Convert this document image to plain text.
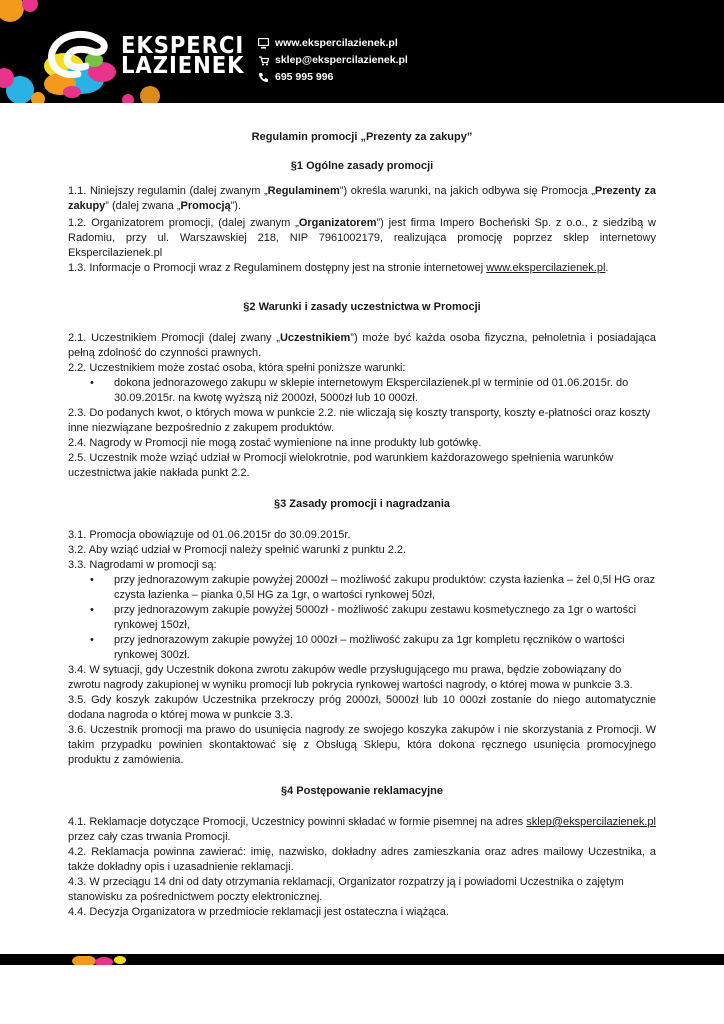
EKSPERCI
LAZIENEK
www.ekspercilazienek.pl
sklep@ekspercilazienek.pl
695 995 996
Regulamin promocji „Prezenty za zakupy”
§1 Ogólne zasady promocji

1.1. Niniejszy regulamin (dalej zwanym „Regulaminem”) określa warunki, na jakich odbywa się Promocja „Prezenty za zakupy” (dalej zwana „Promocją”).

1.2. Organizatorem promocji, (dalej zwanym „Organizatorem”) jest firma Impero Bocheński Sp. z o.o., z siedzibą w Radomiu, przy ul. Warszawskiej 218, NIP 7961002179, realizująca promocję poprzez sklep internetowy Ekspercilazienek.pl

1.3. Informacje o Promocji wraz z Regulaminem dostępny jest na stronie internetowej www.ekspercilazienek.pl.

§2 Warunki i zasady uczestnictwa w Promocji

2.1. Uczestnikiem Promocji (dalej zwany „Uczestnikiem”) może być każda osoba fizyczna, pełnoletnia i posiadająca pełną zdolność do czynności prawnych.

2.2. Uczestnikiem może zostać osoba, która spełni poniższe warunki:

• dokona jednorazowego zakupu w sklepie internetowym Ekspercilazienek.pl w terminie od 01.06.2015r. do 30.09.2015r. na kwotę wyższą niż 2000zł, 5000zł lub 10 000zł.

2.3. Do podanych kwot, o których mowa w punkcie 2.2. nie wliczają się koszty transporty, koszty e-płatności oraz koszty inne niezwiązane bezpośrednio z zakupem produktów.

2.4. Nagrody w Promocji nie mogą zostać wymienione na inne produkty lub gotówkę.

2.5. Uczestnik może wziąć udział w Promocji wielokrotnie, pod warunkiem każdorazowego spełnienia warunków uczestnictwa jakie nakłada punkt 2.2.

§3 Zasady promocji i nagradzania

3.1. Promocja obowiązuje od 01.06.2015r do 30.09.2015r.

3.2. Aby wziąć udział w Promocji należy spełnić warunki z punktu 2.2.

3.3. Nagrodami w promocji są:

• przy jednorazowym zakupie powyżej 2000zł – możliwość zakupu produktów: czysta łazienka – żel 0,5l HG oraz czysta łazienka – pianka 0,5l HG za 1gr, o wartości rynkowej 50zł,

• przy jednorazowym zakupie powyżej 5000zł - możliwość zakupu zestawu kosmetycznego za 1gr o wartości rynkowej 150zł,

• przy jednorazowym zakupie powyżej 10 000zł – możliwość zakupu za 1gr kompletu ręczników o wartości rynkowej 300zł.

3.4. W sytuacji, gdy Uczestnik dokona zwrotu zakupów wedle przysługującego mu prawa, będzie zobowiązany do zwrotu nagrody zakupionej w wyniku promocji lub pokrycia rynkowej wartości nagrody, o której mowa w punkcie 3.3.

3.5. Gdy koszyk zakupów Uczestnika przekroczy próg 2000zł, 5000zł lub 10 000zł zostanie do niego automatycznie dodana nagroda o której mowa w punkcie 3.3.

3.6. Uczestnik promocji ma prawo do usunięcia nagrody ze swojego koszyka zakupów i nie skorzystania z Promocji. W takim przypadku powinien skontaktować się z Obsługą Sklepu, która dokona ręcznego usunięcia promocyjnego produktu z zamówienia.

§4 Postępowanie reklamacyjne

4.1. Reklamacje dotyczące Promocji, Uczestnicy powinni składać w formie pisemnej na adres sklep@ekspercilazienek.pl przez cały czas trwania Promocji.

4.2. Reklamacja powinna zawierać: imię, nazwisko, dokładny adres zamieszkania oraz adres mailowy Uczestnika, a także dokładny opis i uzasadnienie reklamacji.

4.3. W przeciągu 14 dni od daty otrzymania reklamacji, Organizator rozpatrzy ją i powiadomi Uczestnika o zajętym stanowisku za pośrednictwem poczty elektronicznej.

4.4. Decyzja Organizatora w przedmiocie reklamacji jest ostateczna i wiążąca.
